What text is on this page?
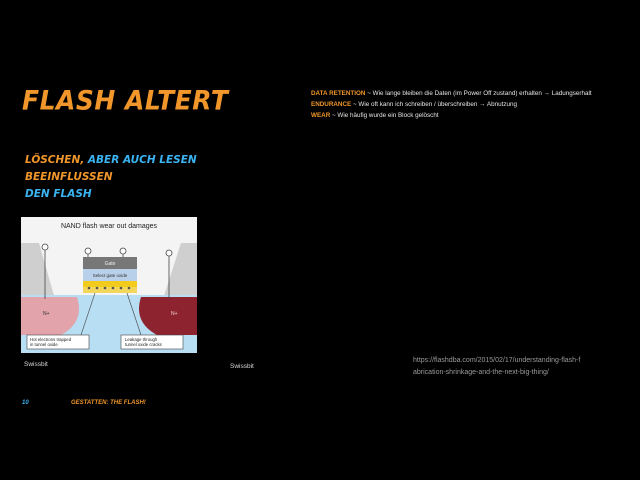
FLASH ALTERT
LÖSCHEN, ABER AUCH LESEN BEEINFLUSSEN
DEN FLASH
DATA RETENTION ~ Wie lange bleiben die Daten (im Power Off zustand) erhalten → Ladungserhalt
ENDURANCE ~ Wie oft kann ich schreiben / überschreiben → Abnutzung
WEAR ~ Wie häufig wurde ein Block gelöscht
NAND flash wear out damages
N+	N+
Gate
Select gate oxide
Hot electrons trapped in tunnel oxide
Leakage through tunnel oxide cracks
Swissbit	Swissbit
https://flashdba.com/2015/02/17/understanding-flash-fabrication-shrinkage-and-the-next-big-thing/
10	GESTATTEN: THE FLASH!
